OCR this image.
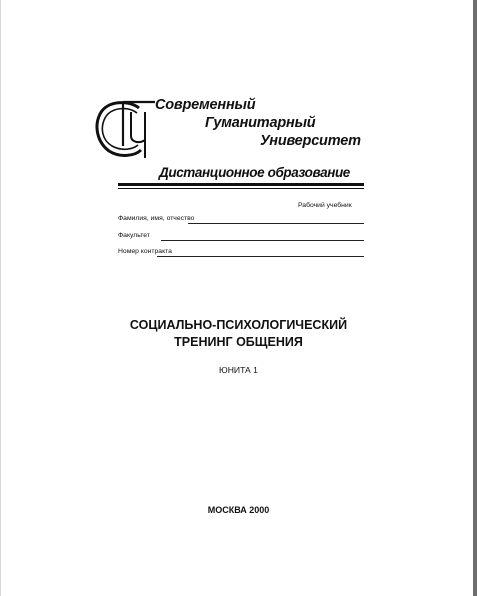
Современный
Гуманитарный
Университет
Дистанционное образование
Рабочий учебник
Фамилия, имя, отчество
Факультет
Номер контракта
СОЦИАЛЬНО-ПСИХОЛОГИЧЕСКИЙ
ТРЕНИНГ ОБЩЕНИЯ
ЮНИТА 1
МОСКВА 2000
